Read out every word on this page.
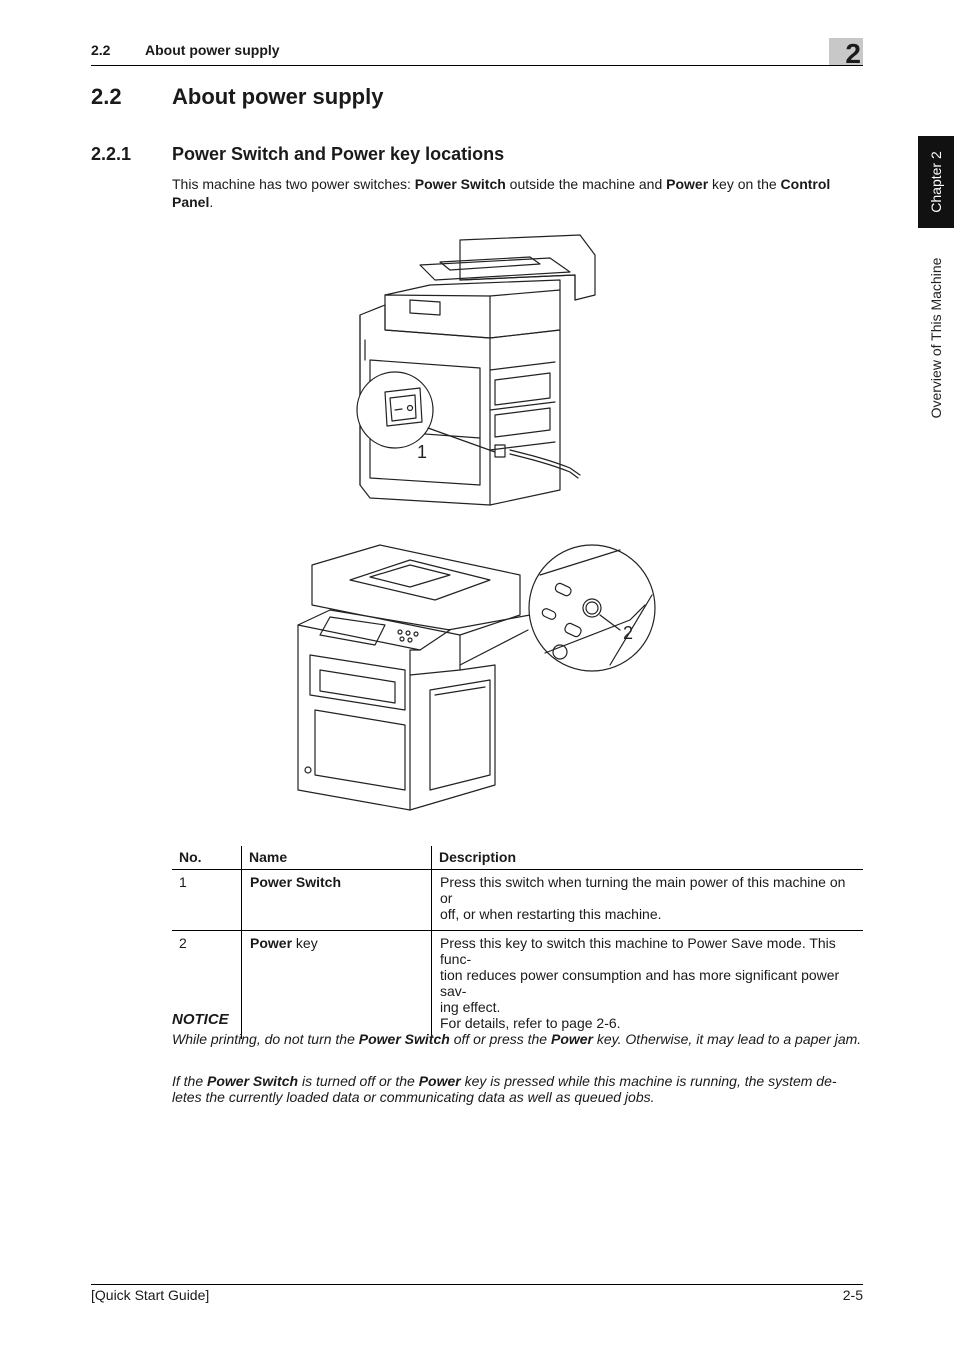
2.2 About power supply	2
Chapter 2
Overview of This Machine
2.2 About power supply
2.2.1 Power Switch and Power key locations
This machine has two power switches: Power Switch outside the machine and Power key on the Control Panel.
1
2
No.	Name	Description
1	Power Switch	Press this switch when turning the main power of this machine on or
off, or when restarting this machine.

2	Power key	Press this key to switch this machine to Power Save mode. This func-
tion reduces power consumption and has more significant power sav-
ing effect.
For details, refer to page 2-6.
NOTICE
While printing, do not turn the Power Switch off or press the Power key. Otherwise, it may lead to a paper jam.
If the Power Switch is turned off or the Power key is pressed while this machine is running, the system de-letes the currently loaded data or communicating data as well as queued jobs.
[Quick Start Guide]	2-5
